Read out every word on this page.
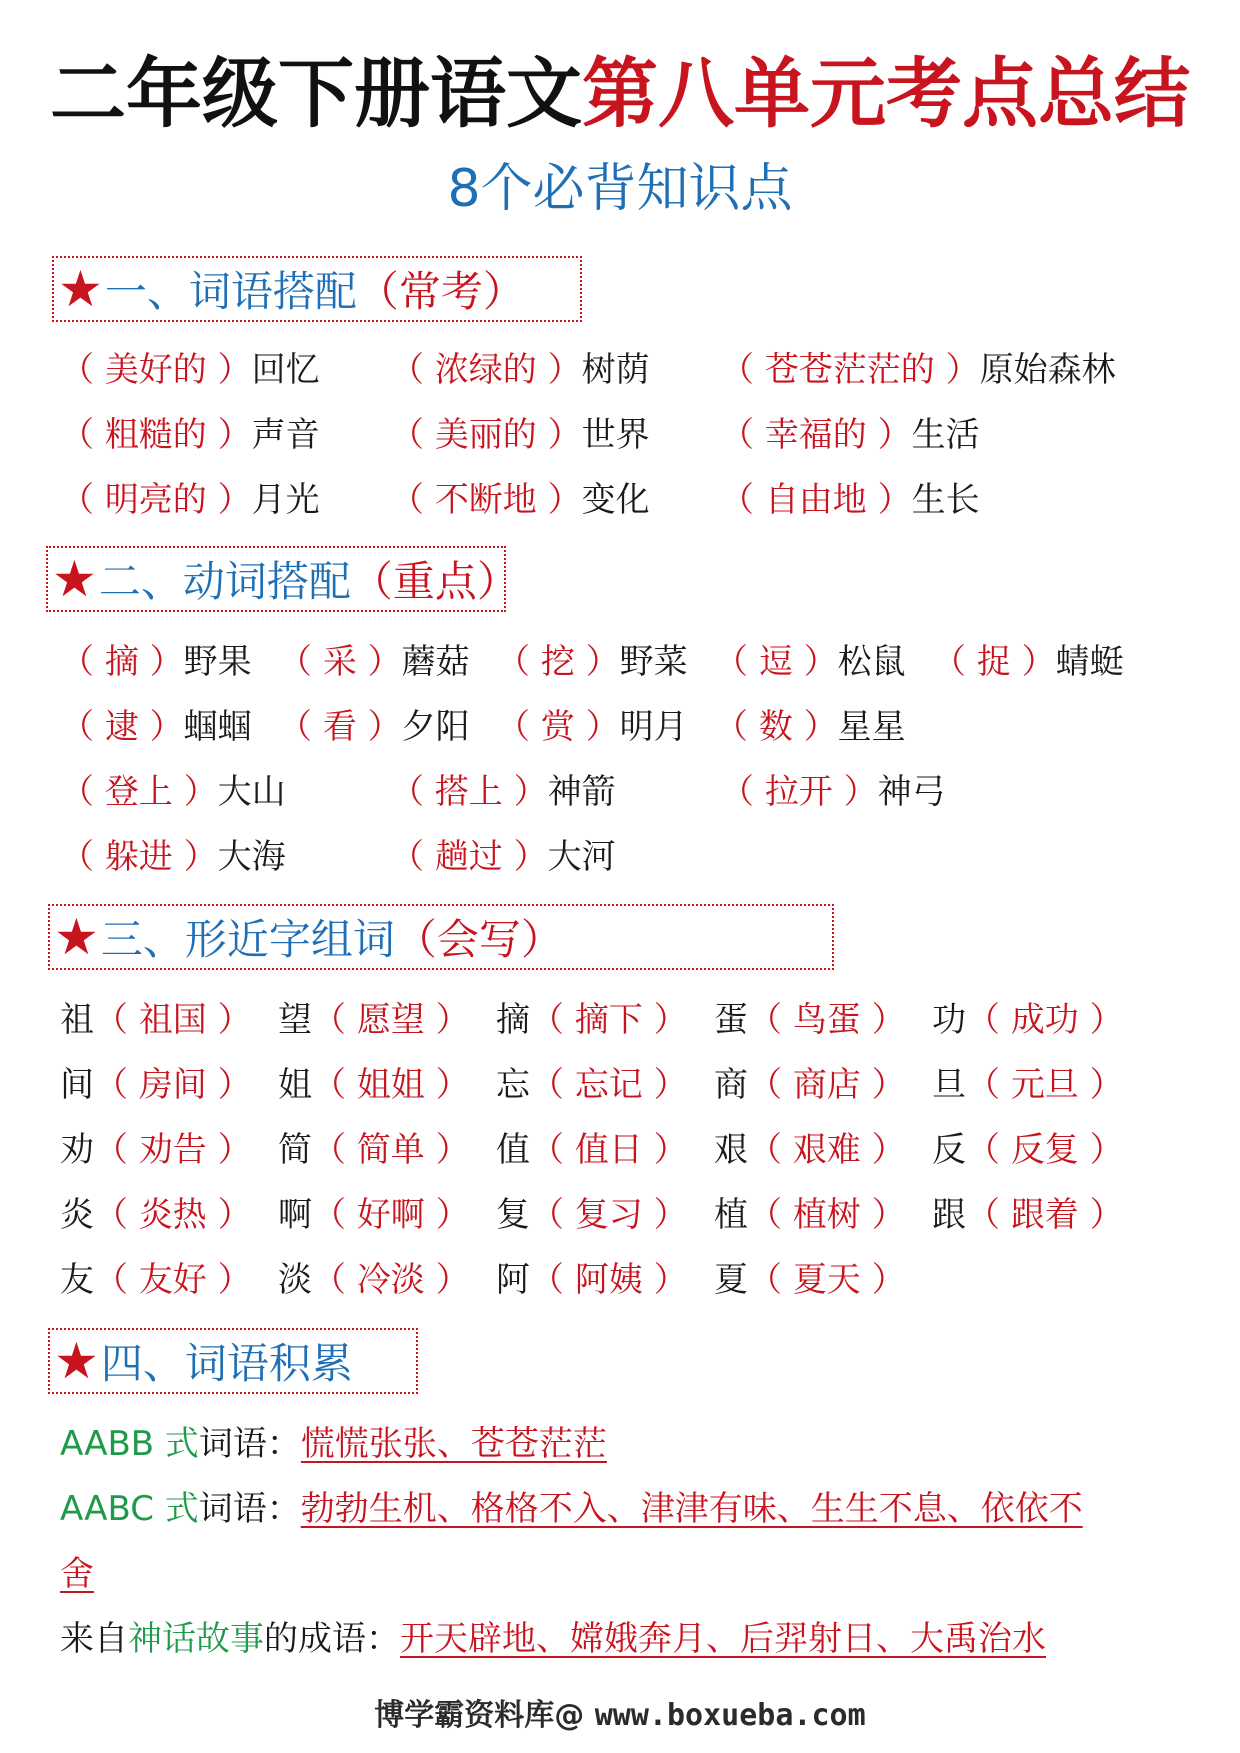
二年级下册语文第八单元考点总结
8个必背知识点
★ 一、词语搭配 （常考）
（ 美好的 ）回忆 （ 浓绿的 ）树荫 （ 苍苍茫茫的 ）原始森林
（ 粗糙的 ）声音 （ 美丽的 ）世界 （ 幸福的 ）生活
（ 明亮的 ）月光 （ 不断地 ）变化 （ 自由地 ）生长
★ 二、动词搭配 （重点）
（ 摘 ）野果 （ 采 ）蘑菇 （ 挖 ）野菜 （ 逗 ）松鼠 （ 捉 ）蜻蜓
（ 逮 ）蝈蝈 （ 看 ）夕阳 （ 赏 ）明月 （ 数 ）星星
（ 登上 ）大山	（ 搭上 ）神箭	（ 拉开 ）神弓
（ 躲进 ）大海	（ 趟过 ）大河
★ 三、形近字组词 （会写）
祖（ 祖国 ） 望（ 愿望 ） 摘（ 摘下 ） 蛋（ 鸟蛋 ） 功（ 成功 ）
间（ 房间 ） 姐（ 姐姐 ） 忘（ 忘记 ） 商（ 商店 ） 旦（ 元旦 ）
劝（ 劝告 ） 简（ 简单 ） 值（ 值日 ） 艰（ 艰难 ） 反（ 反复 ）
炎（ 炎热 ） 啊（ 好啊 ） 复（ 复习 ） 植（ 植树 ） 跟（ 跟着 ）
友（ 友好 ） 淡（ 冷淡 ） 阿（ 阿姨 ） 夏（ 夏天 ）
★ 四、词语积累
AABB 式词语：慌慌张张、苍苍茫茫
AABC 式词语：勃勃生机、格格不入、津津有味、生生不息、依依不
舍
来自神话故事的成语：开天辟地、嫦娥奔月、后羿射日、大禹治水
博学霸资料库@ www.boxueba.com
